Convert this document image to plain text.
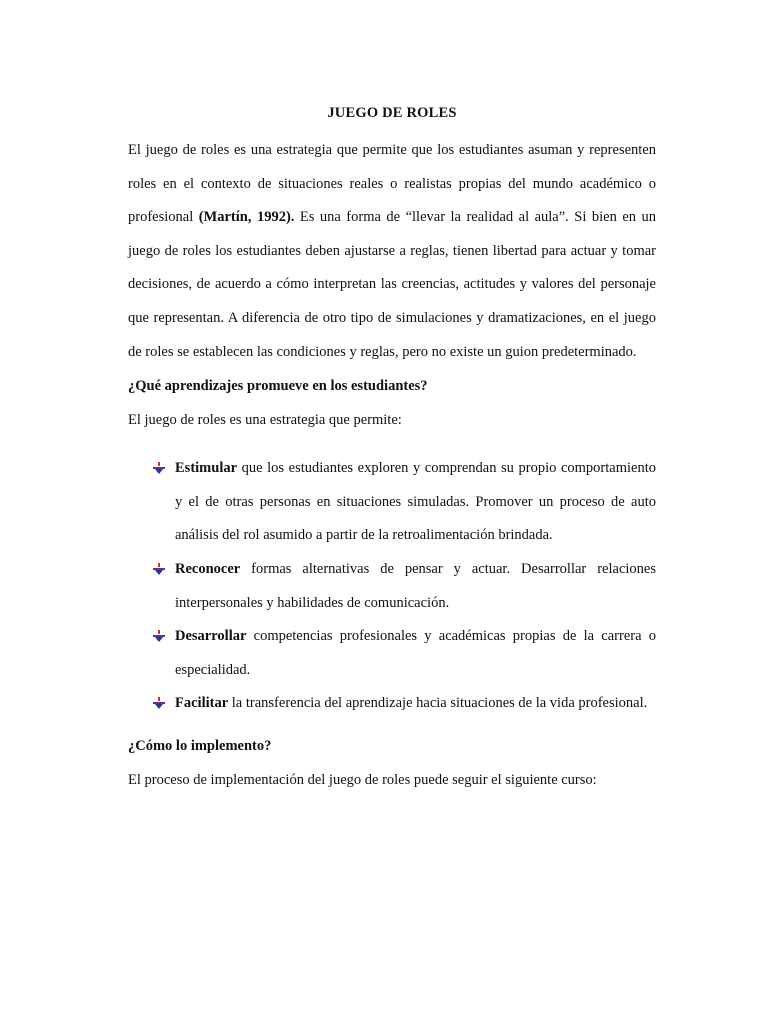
JUEGO DE ROLES

El juego de roles es una estrategia que permite que los estudiantes asuman y representen roles en el contexto de situaciones reales o realistas propias del mundo académico o profesional (Martín, 1992). Es una forma de “llevar la realidad al aula”. Si bien en un juego de roles los estudiantes deben ajustarse a reglas, tienen libertad para actuar y tomar decisiones, de acuerdo a cómo interpretan las creencias, actitudes y valores del personaje que representan. A diferencia de otro tipo de simulaciones y dramatizaciones, en el juego de roles se establecen las condiciones y reglas, pero no existe un guion predeterminado.

¿Qué aprendizajes promueve en los estudiantes?

El juego de roles es una estrategia que permite:

Estimular que los estudiantes exploren y comprendan su propio comportamiento y el de otras personas en situaciones simuladas. Promover un proceso de auto análisis del rol asumido a partir de la retroalimentación brindada.
Reconocer formas alternativas de pensar y actuar. Desarrollar relaciones interpersonales y habilidades de comunicación.
Desarrollar competencias profesionales y académicas propias de la carrera o especialidad.
Facilitar la transferencia del aprendizaje hacia situaciones de la vida profesional.
¿Cómo lo implemento?

El proceso de implementación del juego de roles puede seguir el siguiente curso:
